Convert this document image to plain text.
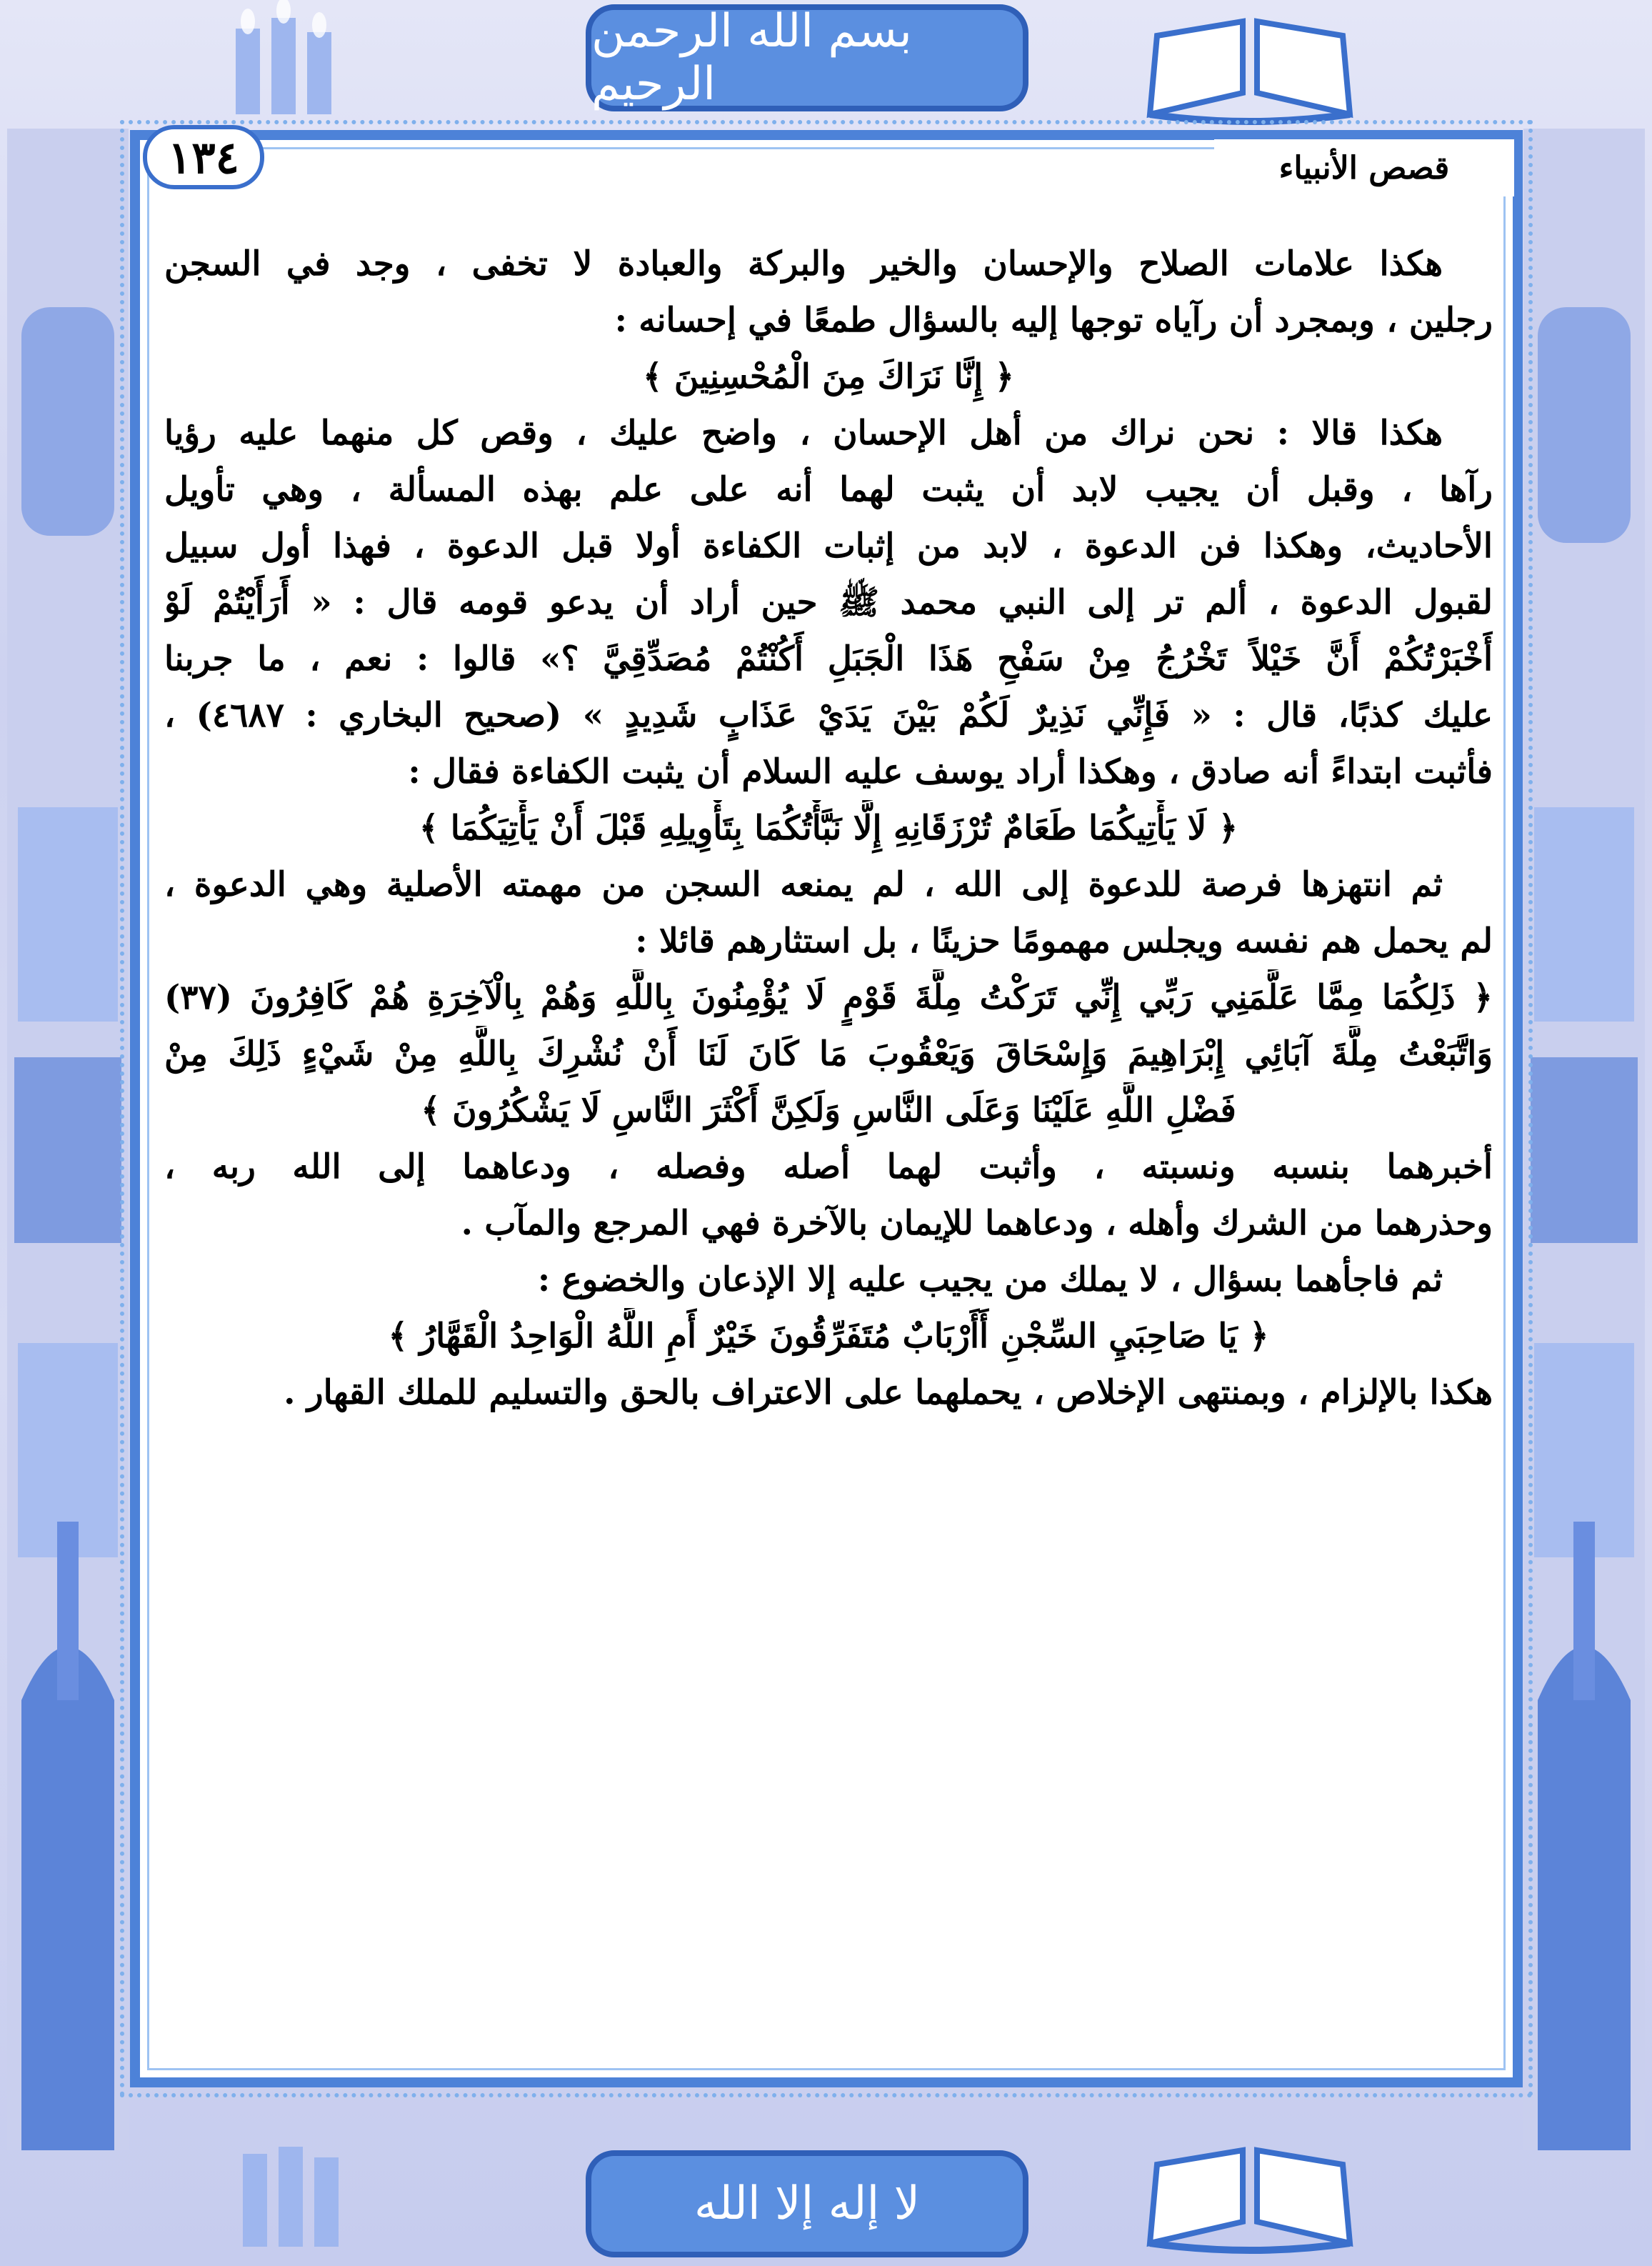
بسم الله الرحمن الرحيم
١٣٤	قصص الأنبياء
هكذا علامات الصلاح والإحسان والخير والبركة والعبادة لا تخفى ، وجد في السجن
رجلين ، وبمجرد أن رآياه توجها إليه بالسؤال طمعًا في إحسانه :
﴿ إِنَّا نَرَاكَ مِنَ الْمُحْسِنِينَ ﴾
هكذا قالا : نحن نراك من أهل الإحسان ، واضح عليك ، وقص كل منهما عليه رؤيا
رآها ، وقبل أن يجيب لابد أن يثبت لهما أنه على علم بهذه المسألة ، وهي تأويل
الأحاديث، وهكذا فن الدعوة ، لابد من إثبات الكفاءة أولا قبل الدعوة ، فهذا أول سبيل
لقبول الدعوة ، ألم تر إلى النبي محمد ﷺ حين أراد أن يدعو قومه قال : « أَرَأَيْتُمْ لَوْ
أَخْبَرْتُكُمْ أَنَّ خَيْلاً تَخْرُجُ مِنْ سَفْحِ هَذَا الْجَبَلِ أَكُنْتُمْ مُصَدِّقِيَّ ؟» قالوا : نعم ، ما جربنا
عليك كذبًا، قال : « فَإِنِّي نَذِيرٌ لَكُمْ بَيْنَ يَدَيْ عَذَابٍ شَدِيدٍ » (صحيح البخاري : ٤٦٨٧) ،
فأثبت ابتداءً أنه صادق ، وهكذا أراد يوسف عليه السلام أن يثبت الكفاءة فقال :
﴿ لَا يَأْتِيكُمَا طَعَامٌ تُرْزَقَانِهِ إِلَّا نَبَّأْتُكُمَا بِتَأْوِيلِهِ قَبْلَ أَنْ يَأْتِيَكُمَا ﴾
ثم انتهزها فرصة للدعوة إلى الله ، لم يمنعه السجن من مهمته الأصلية وهي الدعوة ،
لم يحمل هم نفسه ويجلس مهمومًا حزينًا ، بل استثارهم قائلا :
﴿ ذَلِكُمَا مِمَّا عَلَّمَنِي رَبِّي إِنِّي تَرَكْتُ مِلَّةَ قَوْمٍ لَا يُؤْمِنُونَ بِاللَّهِ وَهُمْ بِالْآخِرَةِ هُمْ كَافِرُونَ (٣٧)
وَاتَّبَعْتُ مِلَّةَ آبَائِي إِبْرَاهِيمَ وَإِسْحَاقَ وَيَعْقُوبَ مَا كَانَ لَنَا أَنْ نُشْرِكَ بِاللَّهِ مِنْ شَيْءٍ ذَلِكَ مِنْ
فَضْلِ اللَّهِ عَلَيْنَا وَعَلَى النَّاسِ وَلَكِنَّ أَكْثَرَ النَّاسِ لَا يَشْكُرُونَ ﴾
أخبرهما بنسبه ونسبته ، وأثبت لهما أصله وفصله ، ودعاهما إلى الله ربه ،
وحذرهما من الشرك وأهله ، ودعاهما للإيمان بالآخرة فهي المرجع والمآب .
ثم فاجأهما بسؤال ، لا يملك من يجيب عليه إلا الإذعان والخضوع :
﴿ يَا صَاحِبَيِ السِّجْنِ أَأَرْبَابٌ مُتَفَرِّقُونَ خَيْرٌ أَمِ اللَّهُ الْوَاحِدُ الْقَهَّارُ ﴾
هكذا بالإلزام ، وبمنتهى الإخلاص ، يحملهما على الاعتراف بالحق والتسليم للملك القهار .
لا إله إلا الله
